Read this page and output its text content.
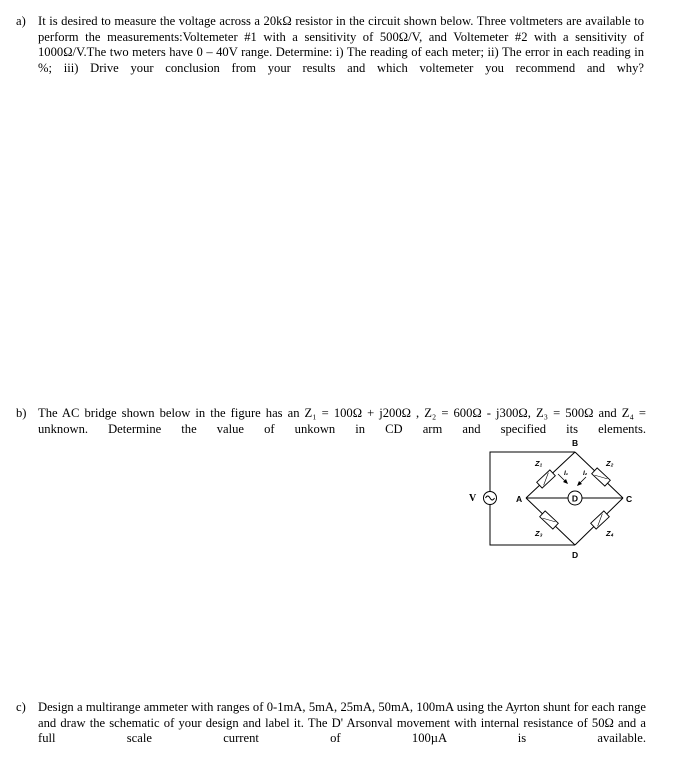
a) It is desired to measure the voltage across a 20kΩ resistor in the circuit shown below. Three voltmeters are available to perform the measurements:Voltemeter #1 with a sensitivity of 500Ω/V, and Voltemeter #2 with a sensitivity of 1000Ω/V.The two meters have 0 – 40V range. Determine: i) The reading of each meter; ii) The error in each reading in %; iii) Drive your conclusion from your results and which voltemeter you recommend and why?
b) The AC bridge shown below in the figure has an Z₁ = 100Ω + j200Ω , Z₂ = 600Ω - j300Ω, Z₃ = 500Ω and Z₄ = unknown. Determine the value of unkown in CD arm and specified its elements.
D
V	A
B
C
D
Z₁	Z₂
Z₃	Z₄
I₁ I₂
c) Design a multirange ammeter with ranges of 0-1mA, 5mA, 25mA, 50mA, 100mA using the Ayrton shunt for each range and draw the schematic of your design and label it. The D' Arsonval movement with internal resistance of 50Ω and a full scale current of 100µA is available.
